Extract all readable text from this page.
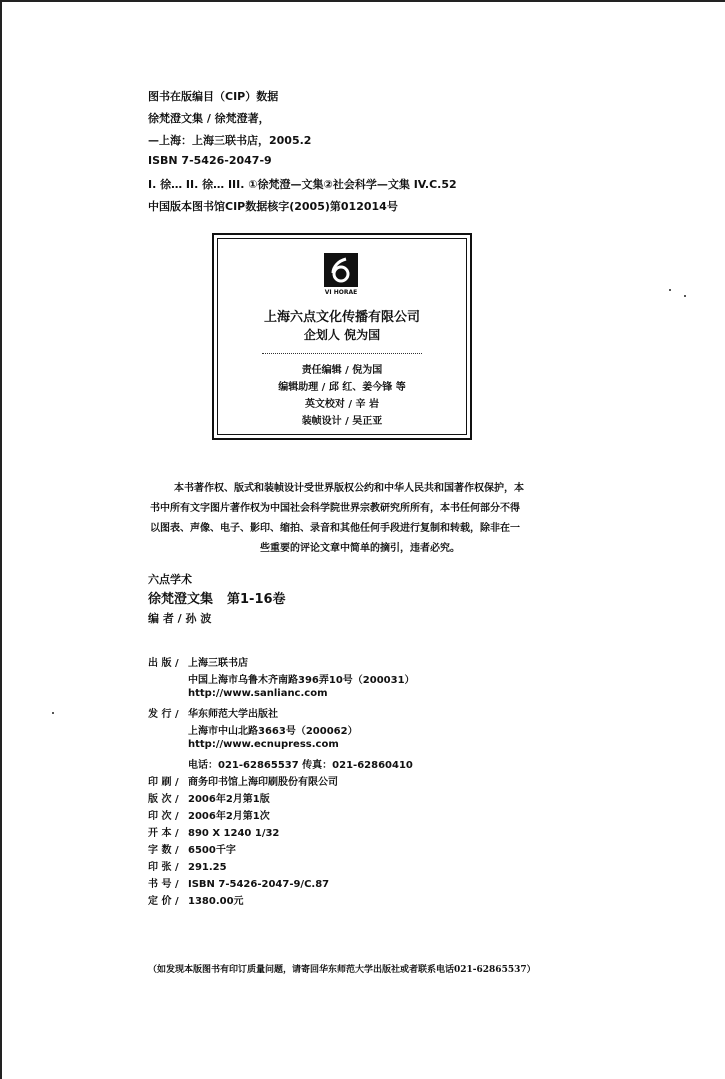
图书在版编目（CIP）数据
徐梵澄文集 / 徐梵澄著，
—上海：上海三联书店，2005.2
ISBN 7-5426-2047-9
I. 徐… II. 徐… III. ①徐梵澄—文集②社会科学—文集 IV.C.52
中国版本图书馆CIP数据核字(2005)第012014号
VI HORAE
上海六点文化传播有限公司
企划人 倪为国
责任编辑 / 倪为国
编辑助理 / 邱 红、姜今锋 等
英文校对 / 辛 岩
装帧设计 / 吴正亚
本书著作权、版式和装帧设计受世界版权公约和中华人民共和国著作权保护，本
书中所有文字图片著作权为中国社会科学院世界宗教研究所所有，本书任何部分不得
以图表、声像、电子、影印、缩拍、录音和其他任何手段进行复制和转载，除非在一
些重要的评论文章中简单的摘引，违者必究。
六点学术
徐梵澄文集 第1-16卷
编 者 / 孙 波
出 版 / 上海三联书店
中国上海市乌鲁木齐南路396弄10号（200031）
http://www.sanlianc.com
发 行 / 华东师范大学出版社
上海市中山北路3663号（200062）
http://www.ecnupress.com
电话：021-62865537 传真：021-62860410
印 刷 / 商务印书馆上海印刷股份有限公司
版 次 / 2006年2月第1版
印 次 / 2006年2月第1次
开 本 / 890 X 1240 1/32
字 数 / 6500千字
印 张 / 291.25
书 号 / ISBN 7-5426-2047-9/C.87
定 价 / 1380.00元
（如发现本版图书有印订质量问题，请寄回华东师范大学出版社或者联系电话021-62865537）
